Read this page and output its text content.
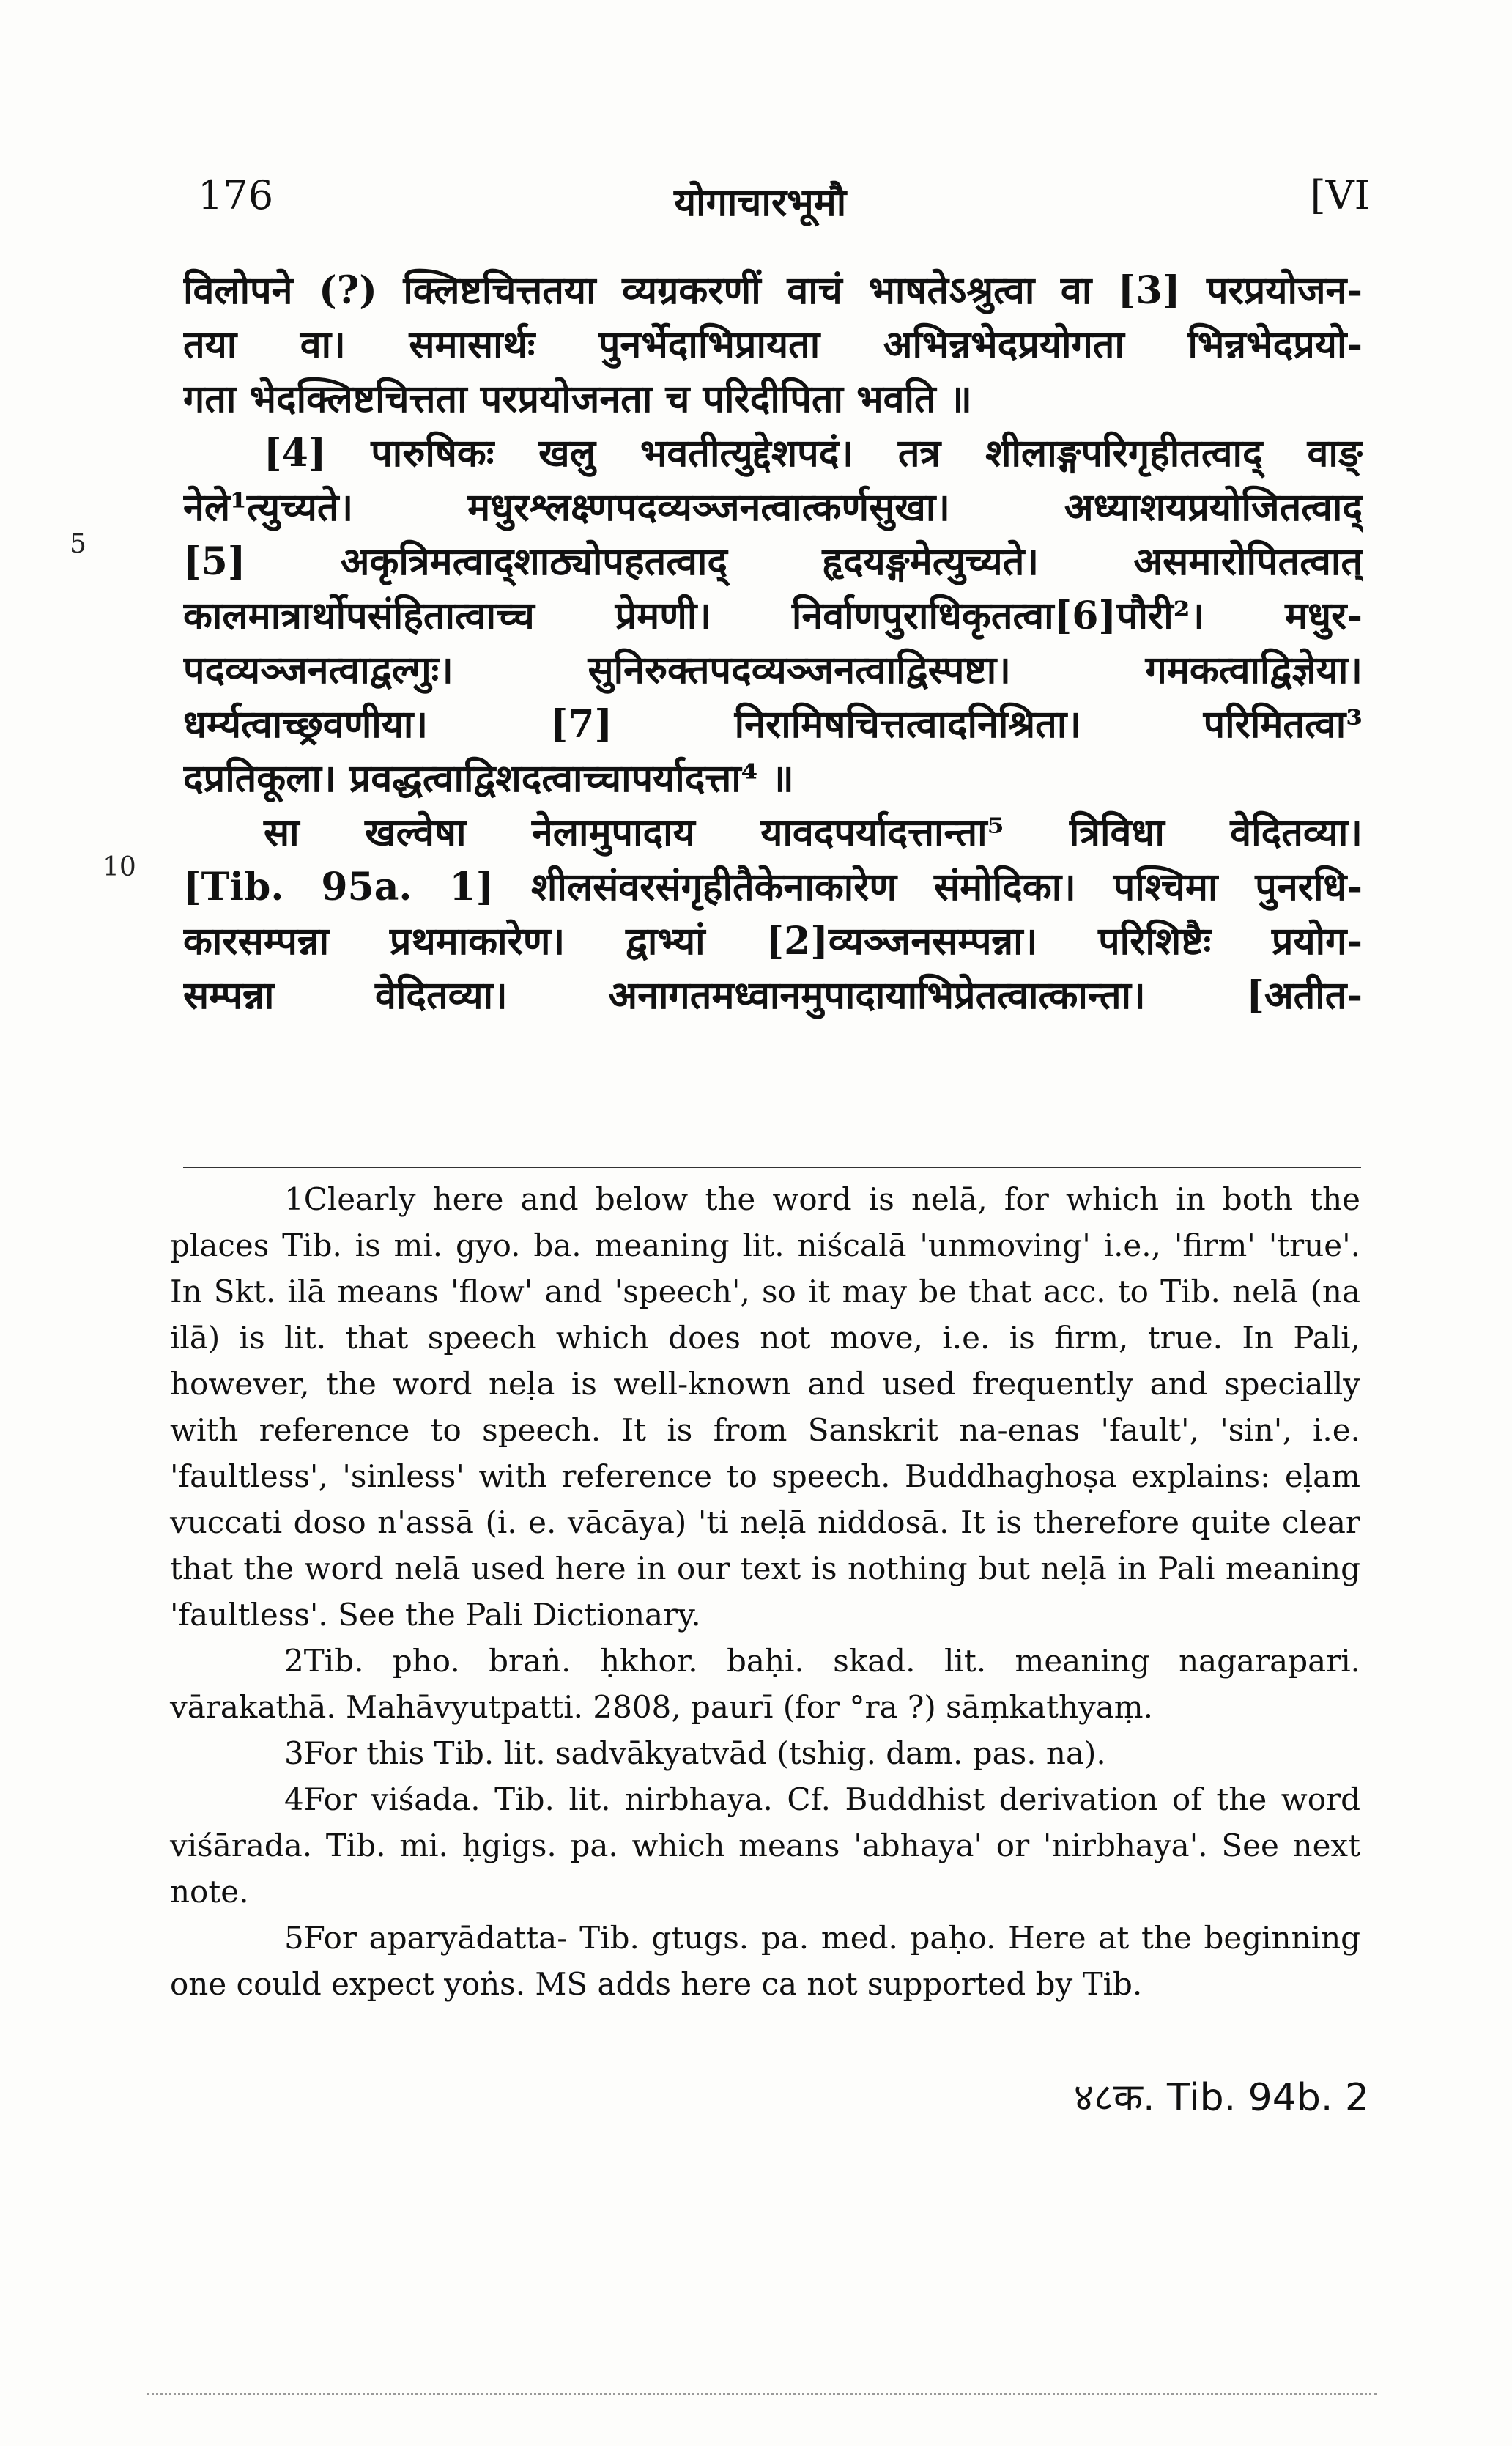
176	योगाचारभूमौ	[VI
5
10
विलोपने (?) क्लिष्टचित्ततया व्यग्रकरणीं वाचं भाषतेऽश्रुत्वा वा [3] परप्रयोजन-
तया वा। समासार्थः पुनर्भेदाभिप्रायता अभिन्नभेदप्रयोगता भिन्नभेदप्रयो-
गता भेदक्लिष्टचित्तता परप्रयोजनता च परिदीपिता भवति ॥
[4] पारुषिकः खलु भवतीत्युद्देशपदं। तत्र शीलाङ्गपरिगृहीतत्वाद् वाङ्
नेले¹त्युच्यते। मधुरश्लक्ष्णपदव्यञ्जनत्वात्कर्णसुखा। अध्याशयप्रयोजितत्वाद्
[5] अकृत्रिमत्वाद्शाठ्योपहतत्वाद् हृदयङ्गमेत्युच्यते। असमारोपितत्वात्
कालमात्रार्थोपसंहितात्वाच्च प्रेमणी। निर्वाणपुराधिकृतत्वा[6]पौरी²। मधुर-
पदव्यञ्जनत्वाद्वल्गुः। सुनिरुक्तपदव्यञ्जनत्वाद्विस्पष्टा। गमकत्वाद्विज्ञेया।
धर्म्यत्वाच्छ्रवणीया। [7] निरामिषचित्तत्वादनिश्रिता। परिमितत्वा³
दप्रतिकूला। प्रवद्धत्वाद्विशदत्वाच्चापर्यादत्ता⁴ ॥
सा खल्वेषा नेलामुपादाय यावदपर्यादत्तान्ता⁵ त्रिविधा वेदितव्या।
[Tib. 95a. 1] शीलसंवरसंगृहीतैकेनाकारेण संमोदिका। पश्चिमा पुनरधि-
कारसम्पन्ना प्रथमाकारेण। द्वाभ्यां [2]व्यञ्जनसम्पन्ना। परिशिष्टैः प्रयोग-
सम्पन्ना वेदितव्या। अनागतमध्वानमुपादायाभिप्रेतत्वात्कान्ता। [अतीत-

1Clearly here and below the word is nelā, for which in both the places Tib. is mi. gyo. ba. meaning lit. niścalā 'unmoving' i.e., 'firm' 'true'. In Skt. ilā means 'flow' and 'speech', so it may be that acc. to Tib. nelā (na ilā) is lit. that speech which does not move, i.e. is firm, true. In Pali, however, the word neḷa is well-known and used frequently and specially with reference to speech. It is from Sanskrit na-enas 'fault', 'sin', i.e. 'faultless', 'sinless' with reference to speech. Buddhaghoṣa explains: eḷam vuccati doso n'assā (i. e. vācāya) 'ti neḷā niddosā. It is therefore quite clear that the word nelā used here in our text is nothing but neḷā in Pali meaning 'faultless'. See the Pali Dictionary.

2Tib. pho. braṅ. ḥkhor. baḥi. skad. lit. meaning nagarapari. vārakathā. Mahāvyutpatti. 2808, paurī (for °ra ?) sāṃkathyaṃ.

3For this Tib. lit. sadvākyatvād (tshig. dam. pas. na).

4For viśada. Tib. lit. nirbhaya. Cf. Buddhist derivation of the word viśārada. Tib. mi. ḥgigs. pa. which means 'abhaya' or 'nirbhaya'. See next note.

5For aparyādatta- Tib. gtugs. pa. med. paḥo. Here at the beginning one could expect yoṅs. MS adds here ca not supported by Tib.

४८क. Tib. 94b. 2
